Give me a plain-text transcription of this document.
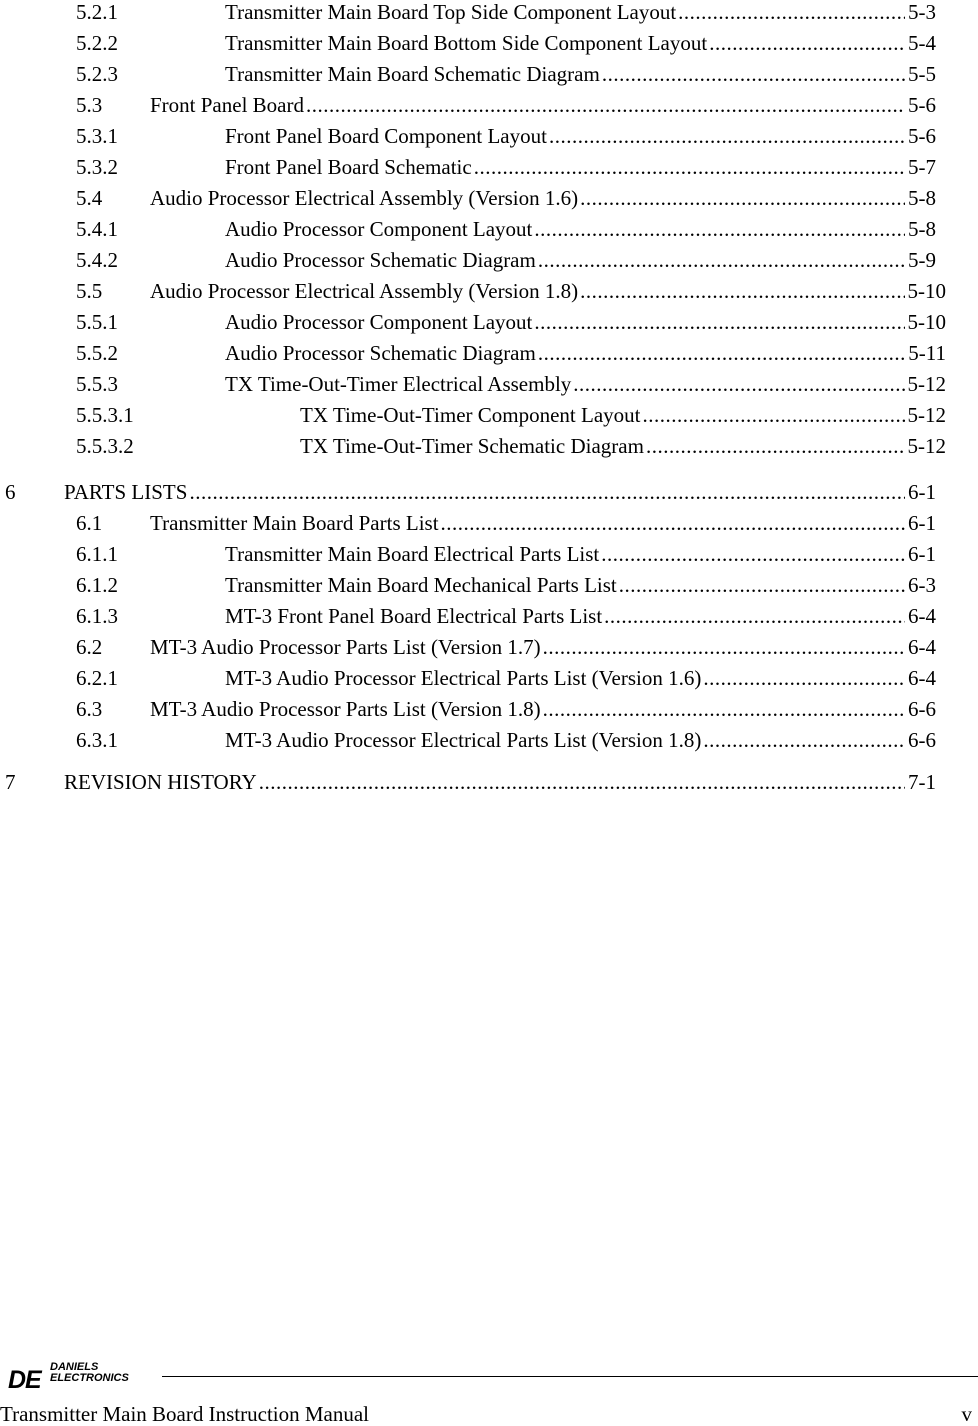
5.2.1	Transmitter Main Board Top Side Component Layout .....	5-3
5.2.2	Transmitter Main Board Bottom Side Component Layout .....	5-4
5.2.3	Transmitter Main Board Schematic Diagram .....	5-5
5.3 Front Panel Board .....	5-6
5.3.1	Front Panel Board Component Layout .....	5-6
5.3.2	Front Panel Board Schematic .....	5-7
5.4 Audio Processor Electrical Assembly (Version 1.6) .....	5-8
5.4.1	Audio Processor Component Layout .....	5-8
5.4.2	Audio Processor Schematic Diagram .....	5-9
5.5 Audio Processor Electrical Assembly (Version 1.8) .....	5-10
5.5.1	Audio Processor Component Layout .....	5-10
5.5.2	Audio Processor Schematic Diagram .....	5-11
5.5.3	TX Time-Out-Timer Electrical Assembly .....	5-12
5.5.3.1	TX Time-Out-Timer Component Layout .....	5-12
5.5.3.2	TX Time-Out-Timer Schematic Diagram .....	5-12
6 PARTS LISTS .....	6-1
6.1 Transmitter Main Board Parts List .....	6-1
6.1.1	Transmitter Main Board Electrical Parts List .....	6-1
6.1.2	Transmitter Main Board Mechanical Parts List .....	6-3
6.1.3	MT-3 Front Panel Board Electrical Parts List .....	6-4
6.2 MT-3 Audio Processor Parts List (Version 1.7) .....	6-4
6.2.1	MT-3 Audio Processor Electrical Parts List (Version 1.6) .....	6-4
6.3 MT-3 Audio Processor Parts List (Version 1.8) .....	6-6
6.3.1	MT-3 Audio Processor Electrical Parts List (Version 1.8) .....	6-6
7 REVISION HISTORY .....	7-1
DE DANIELS
ELECTRONICS
Transmitter Main Board Instruction Manual	v
